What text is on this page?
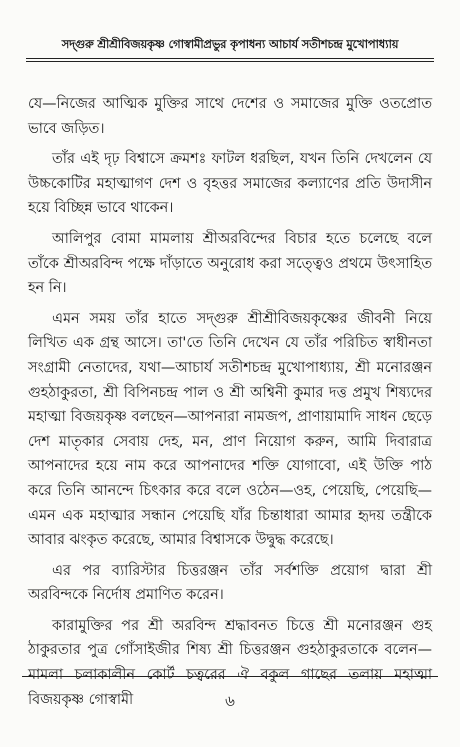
সদ্গুরু শ্রীশ্রীবিজয়কৃষ্ণ গোস্বামীপ্রভুর কৃপাধন্য আচার্য সতীশচন্দ্র মুখোপাধ্যায়

যে—নিজের আত্মিক মুক্তির সাথে দেশের ও সমাজের মুক্তি ওতপ্রোত ভাবে জড়িত।

তাঁর এই দৃঢ় বিশ্বাসে ক্রমশঃ ফাটল ধরছিল, যখন তিনি দেখলেন যে উচ্চকোটির মহাত্মাগণ দেশ ও বৃহত্তর সমাজের কল্যাণের প্রতি উদাসীন হয়ে বিচ্ছিন্ন ভাবে থাকেন।

আলিপুর বোমা মামলায় শ্রীঅরবিন্দের বিচার হতে চলেছে বলে তাঁকে শ্রীঅরবিন্দ পক্ষে দাঁড়াতে অনুরোধ করা সত্ত্বেও প্রথমে উৎসাহিত হন নি।

এমন সময় তাঁর হাতে সদ্গুরু শ্রীশ্রীবিজয়কৃষ্ণের জীবনী নিয়ে লিখিত এক গ্রন্থ আসে। তা'তে তিনি দেখেন যে তাঁর পরিচিত স্বাধীনতা সংগ্রামী নেতাদের, যথা—আচার্য সতীশচন্দ্র মুখোপাধ্যায়, শ্রী মনোরঞ্জন গুহঠাকুরতা, শ্রী বিপিনচন্দ্র পাল ও শ্রী অশ্বিনী কুমার দত্ত প্রমুখ শিষ্যদের মহাত্মা বিজয়কৃষ্ণ বলছেন—আপনারা নামজপ, প্রাণায়ামাদি সাধন ছেড়ে দেশ মাতৃকার সেবায় দেহ, মন, প্রাণ নিয়োগ করুন, আমি দিবারাত্র আপনাদের হয়ে নাম করে আপনাদের শক্তি যোগাবো, এই উক্তি পাঠ করে তিনি আনন্দে চিৎকার করে বলে ওঠেন—ওহ, পেয়েছি, পেয়েছি—এমন এক মহাত্মার সন্ধান পেয়েছি যাঁর চিন্তাধারা আমার হৃদয় তন্ত্রীকে আবার ঝংকৃত করেছে, আমার বিশ্বাসকে উদ্বুদ্ধ করেছে।

এর পর ব্যারিস্টার চিত্তরঞ্জন তাঁর সর্বশক্তি প্রয়োগ দ্বারা শ্রী অরবিন্দকে নির্দোষ প্রমাণিত করেন।

কারামুক্তির পর শ্রী অরবিন্দ শ্রদ্ধাবনত চিত্তে শ্রী মনোরঞ্জন গুহ ঠাকুরতার পুত্র গোঁসাইজীর শিষ্য শ্রী চিত্তরঞ্জন গুহঠাকুরতাকে বলেন—মামলা চলাকালীন কোর্ট চত্বরের ঐ বকুল গাছের তলায় মহাত্মা বিজয়কৃষ্ণ গোস্বামী	৬
